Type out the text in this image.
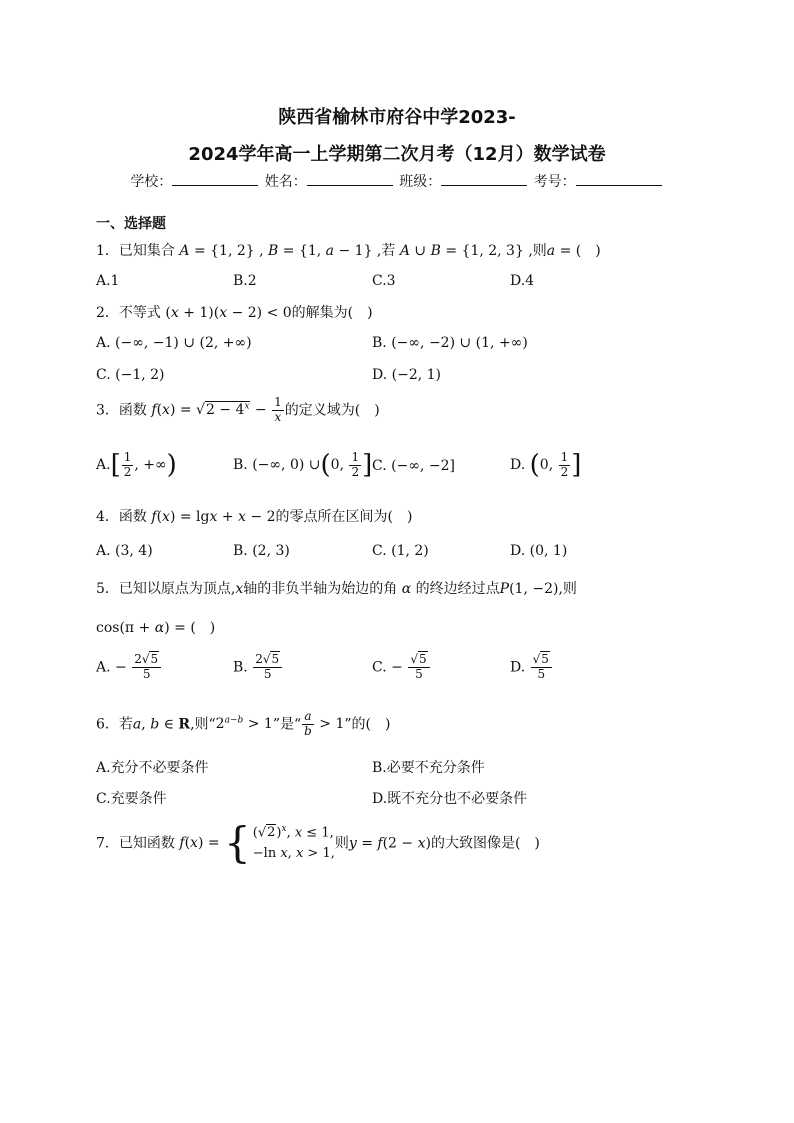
陕西省榆林市府谷中学2023-
2024学年高一上学期第二次月考（12月）数学试卷
学校：	姓名：	班级：	考号：
一、选择题
1．已知集合 A = {1, 2} , B = {1, a − 1} ,若 A ∪ B = {1, 2, 3} ,则a = (　)
A.1	B.2	C.3	D.4
2．不等式 (x + 1)(x − 2) < 0的解集为(　)
A. (−∞, −1) ∪ (2, +∞)	B. (−∞, −2) ∪ (1, +∞)
C. (−1, 2)	D. (−2, 1)
3．函数 $f(x) = √2 - 4^x - \frac{1}{x}$ 的定义域为(　)
$A.[ \frac{1}{2}$ , +∞)	B. (−∞, 0) ∪(0, $\frac{1}{2}$ ] C. (−∞, −2]	D. (0, $\frac{1}{2}$ ]
4．函数 f(x) = lgx + x − 2的零点所在区间为(　)
A. (3, 4)	B. (2, 3)	C. (1, 2)	D. (0, 1)
5．已知以原点为顶点,x轴的非负半轴为始边的角 α 的终边经过点P(1, −2),则
cos(π + α) = (　)
A. − $\frac{2√5}{5}$	B. $\frac{2√5}{5}$	C. − $\frac{√5}{5}$	D. $\frac{√5}{5}$
6．若a, b ∈ R,则“$2^{a-b} > 1$”是“ $\frac{a}{b} > 1$”的(　)
A.充分不必要条件	B.必要不充分条件
C.充要条件	D.既不充分也不必要条件
7．已知函数 f(x) = { $(√2)^x$, x ≤ 1,
−ln x, x > 1,
则y = f(2 − x)的大致图像是(　)
